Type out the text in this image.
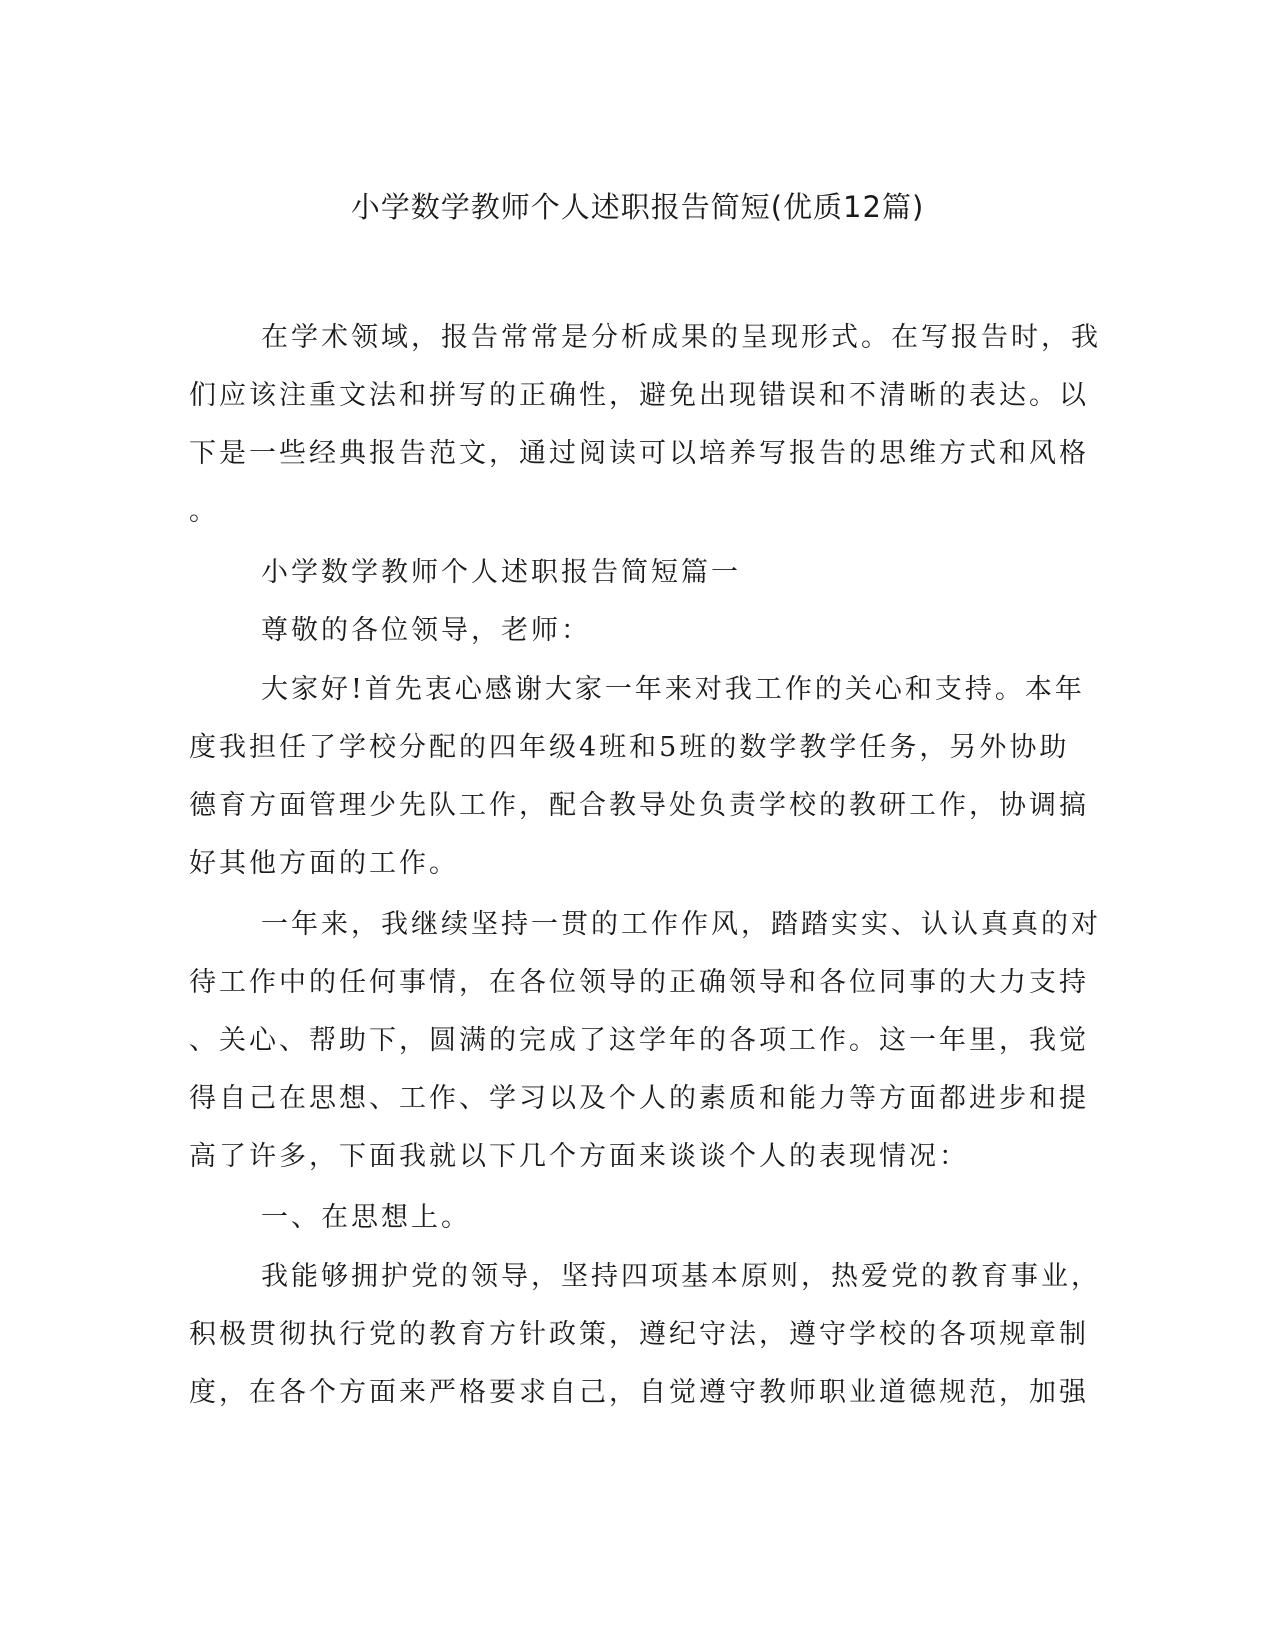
小学数学教师个人述职报告简短(优质12篇)

在学术领域，报告常常是分析成果的呈现形式。在写报告时，我

们应该注重文法和拼写的正确性，避免出现错误和不清晰的表达。以

下是一些经典报告范文，通过阅读可以培养写报告的思维方式和风格

。

小学数学教师个人述职报告简短篇一

尊敬的各位领导，老师：

大家好!首先衷心感谢大家一年来对我工作的关心和支持。本年

度我担任了学校分配的四年级4班和5班的数学教学任务，另外协助

德育方面管理少先队工作，配合教导处负责学校的教研工作，协调搞

好其他方面的工作。

一年来，我继续坚持一贯的工作作风，踏踏实实、认认真真的对

待工作中的任何事情，在各位领导的正确领导和各位同事的大力支持

、关心、帮助下，圆满的完成了这学年的各项工作。这一年里，我觉

得自己在思想、工作、学习以及个人的素质和能力等方面都进步和提

高了许多，下面我就以下几个方面来谈谈个人的表现情况：

一、在思想上。

我能够拥护党的领导，坚持四项基本原则，热爱党的教育事业，

积极贯彻执行党的教育方针政策，遵纪守法，遵守学校的各项规章制

度，在各个方面来严格要求自己，自觉遵守教师职业道德规范，加强
